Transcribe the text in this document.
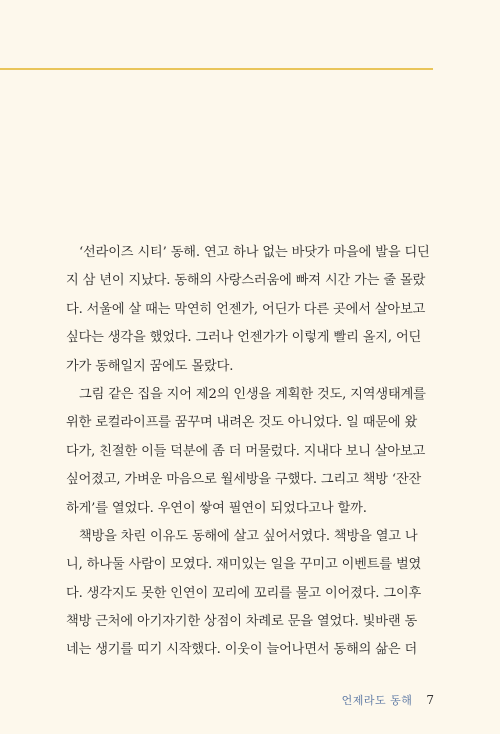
‘선라이즈 시티’ 동해. 연고 하나 없는 바닷가 마을에 발을 디딘
지 삼 년이 지났다. 동해의 사랑스러움에 빠져 시간 가는 줄 몰랐
다. 서울에 살 때는 막연히 언젠가, 어딘가 다른 곳에서 살아보고
싶다는 생각을 했었다. 그러나 언젠가가 이렇게 빨리 올지, 어딘
가가 동해일지 꿈에도 몰랐다.
그림 같은 집을 지어 제2의 인생을 계획한 것도, 지역생태계를
위한 로컬라이프를 꿈꾸며 내려온 것도 아니었다. 일 때문에 왔
다가, 친절한 이들 덕분에 좀 더 머물렀다. 지내다 보니 살아보고
싶어졌고, 가벼운 마음으로 월세방을 구했다. 그리고 책방 ‘잔잔
하게’를 열었다. 우연이 쌓여 필연이 되었다고나 할까.
책방을 차린 이유도 동해에 살고 싶어서였다. 책방을 열고 나
니, 하나둘 사람이 모였다. 재미있는 일을 꾸미고 이벤트를 벌였
다. 생각지도 못한 인연이 꼬리에 꼬리를 물고 이어졌다. 그이후
책방 근처에 아기자기한 상점이 차례로 문을 열었다. 빛바랜 동
네는 생기를 띠기 시작했다. 이웃이 늘어나면서 동해의 삶은 더
언제라도 동해 7
